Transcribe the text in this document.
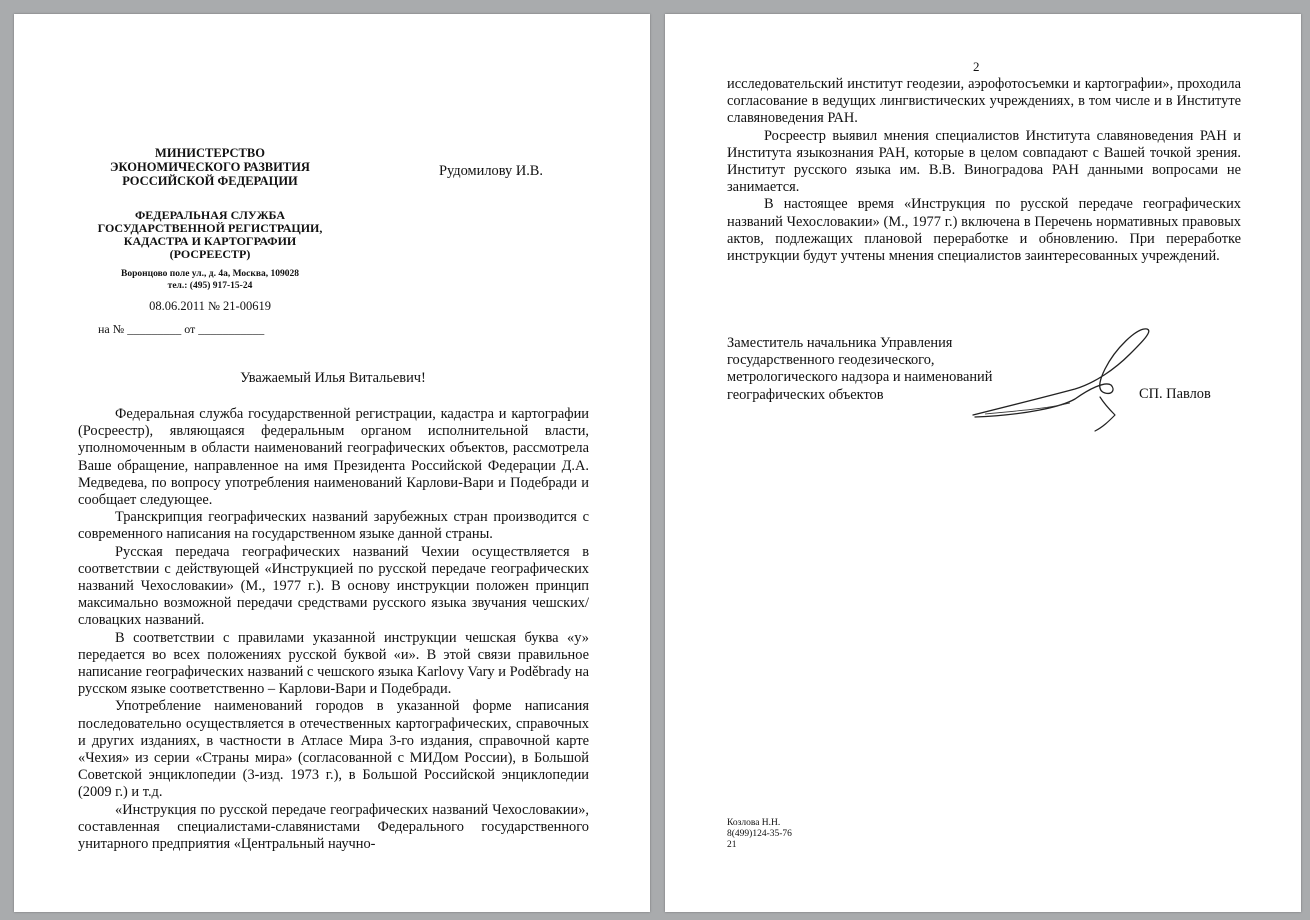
МИНИСТЕРСТВО
ЭКОНОМИЧЕСКОГО РАЗВИТИЯ
РОССИЙСКОЙ ФЕДЕРАЦИИ
ФЕДЕРАЛЬНАЯ СЛУЖБА
ГОСУДАРСТВЕННОЙ РЕГИСТРАЦИИ,
КАДАСТРА И КАРТОГРАФИИ
(РОСРЕЕСТР)
Воронцово поле ул., д. 4а, Москва, 109028
тел.: (495) 917-15-24
08.06.2011 № 21-00619
на № _________ от ___________
Рудомилову И.В.
Уважаемый Илья Витальевич!

Федеральная служба государственной регистрации, кадастра и картографии (Росреестр), являющаяся федеральным органом исполнительной власти, уполномоченным в области наименований географических объектов, рассмотрела Ваше обращение, направленное на имя Президента Российской Федерации Д.А. Медведева, по вопросу употребления наименований Карлови-Вари и Подебради и сообщает следующее.

Транскрипция географических названий зарубежных стран производится с современного написания на государственном языке данной страны.

Русская передача географических названий Чехии осуществляется в соответствии с действующей «Инструкцией по русской передаче географических названий Чехословакии» (М., 1977 г.). В основу инструкции положен принцип максимально возможной передачи средствами русского языка звучания чешских/словацких названий.

В соответствии с правилами указанной инструкции чешская буква «у» передается во всех положениях русской буквой «и». В этой связи правильное написание географических названий с чешского языка Karlovy Vary и Poděbrady на русском языке соответственно – Карлови-Вари и Подебради.

Употребление наименований городов в указанной форме написания последовательно осуществляется в отечественных картографических, справочных и других изданиях, в частности в Атласе Мира 3-го издания, справочной карте «Чехия» из серии «Страны мира» (согласованной с МИДом России), в Большой Советской энциклопедии (3-изд. 1973 г.), в Большой Российской энциклопедии (2009 г.) и т.д.

«Инструкция по русской передаче географических названий Чехословакии», составленная специалистами-славянистами Федерального государственного унитарного предприятия «Центральный научно-

2

исследовательский институт геодезии, аэрофотосъемки и картографии», проходила согласование в ведущих лингвистических учреждениях, в том числе и в Институте славяноведения РАН.

Росреестр выявил мнения специалистов Института славяноведения РАН и Института языкознания РАН, которые в целом совпадают с Вашей точкой зрения. Институт русского языка им. В.В. Виноградова РАН данными вопросами не занимается.

В настоящее время «Инструкция по русской передаче географических названий Чехословакии» (М., 1977 г.) включена в Перечень нормативных правовых актов, подлежащих плановой переработке и обновлению. При переработке инструкции будут учтены мнения специалистов заинтересованных учреждений.

Заместитель начальника Управления
государственного геодезического,
метрологического надзора и наименований
географических объектов	СП. Павлов
Козлова Н.Н.
8(499)124-35-76
21
